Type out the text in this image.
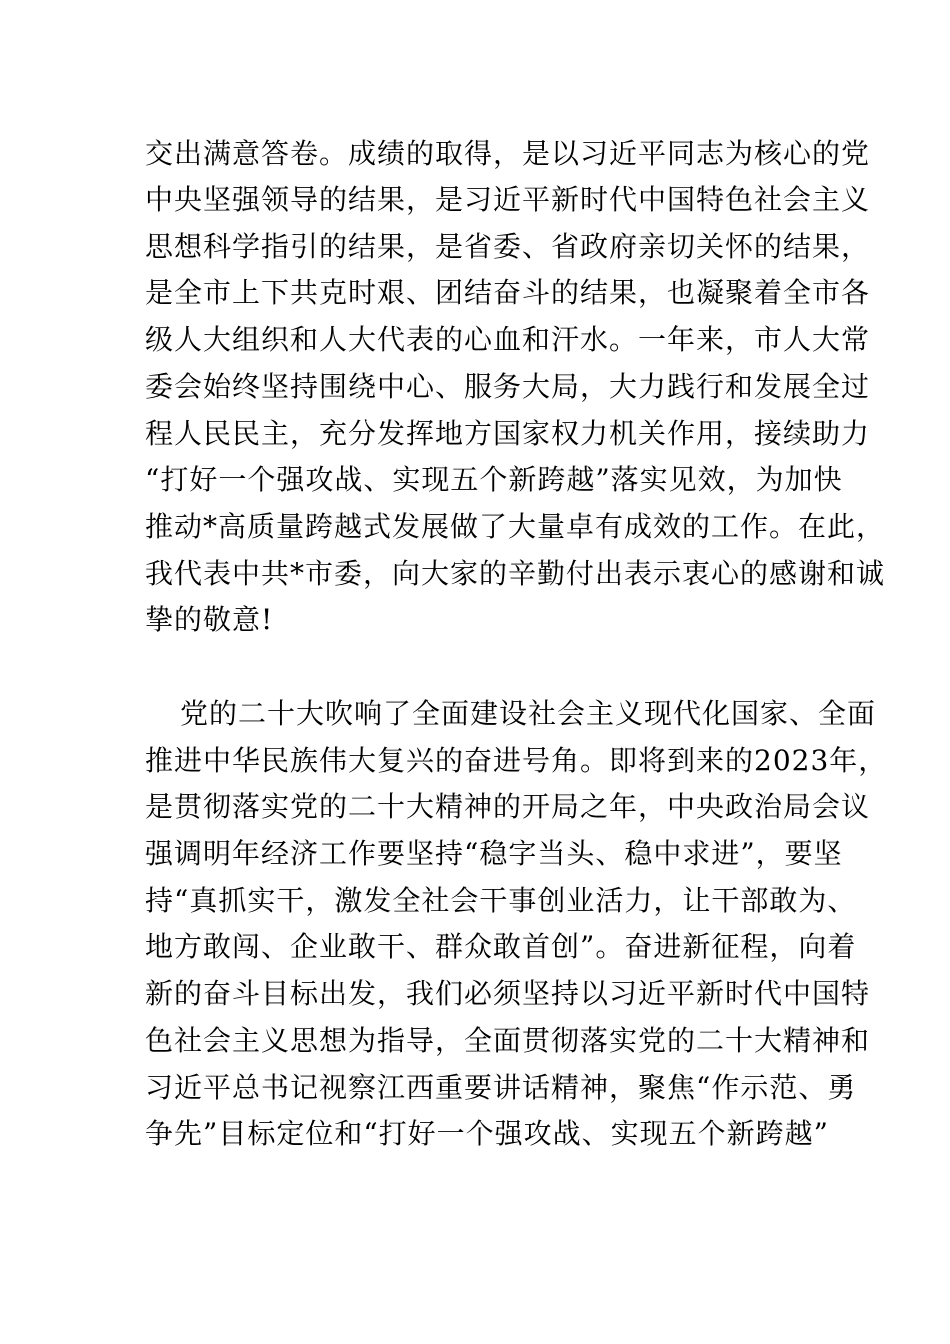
交出满意答卷。成绩的取得，是以习近平同志为核心的党
中央坚强领导的结果，是习近平新时代中国特色社会主义
思想科学指引的结果，是省委、省政府亲切关怀的结果，
是全市上下共克时艰、团结奋斗的结果，也凝聚着全市各
级人大组织和人大代表的心血和汗水。一年来，市人大常
委会始终坚持围绕中心、服务大局，大力践行和发展全过
程人民民主，充分发挥地方国家权力机关作用，接续助力
“打好一个强攻战、实现五个新跨越”落实见效，为加快
推动*高质量跨越式发展做了大量卓有成效的工作。在此，
我代表中共*市委，向大家的辛勤付出表示衷心的感谢和诚
挚的敬意!
党的二十大吹响了全面建设社会主义现代化国家、全面
推进中华民族伟大复兴的奋进号角。即将到来的2023年，
是贯彻落实党的二十大精神的开局之年，中央政治局会议
强调明年经济工作要坚持“稳字当头、稳中求进”，要坚
持“真抓实干，激发全社会干事创业活力，让干部敢为、
地方敢闯、企业敢干、群众敢首创”。奋进新征程，向着
新的奋斗目标出发，我们必须坚持以习近平新时代中国特
色社会主义思想为指导，全面贯彻落实党的二十大精神和
习近平总书记视察江西重要讲话精神，聚焦“作示范、勇
争先”目标定位和“打好一个强攻战、实现五个新跨越”
